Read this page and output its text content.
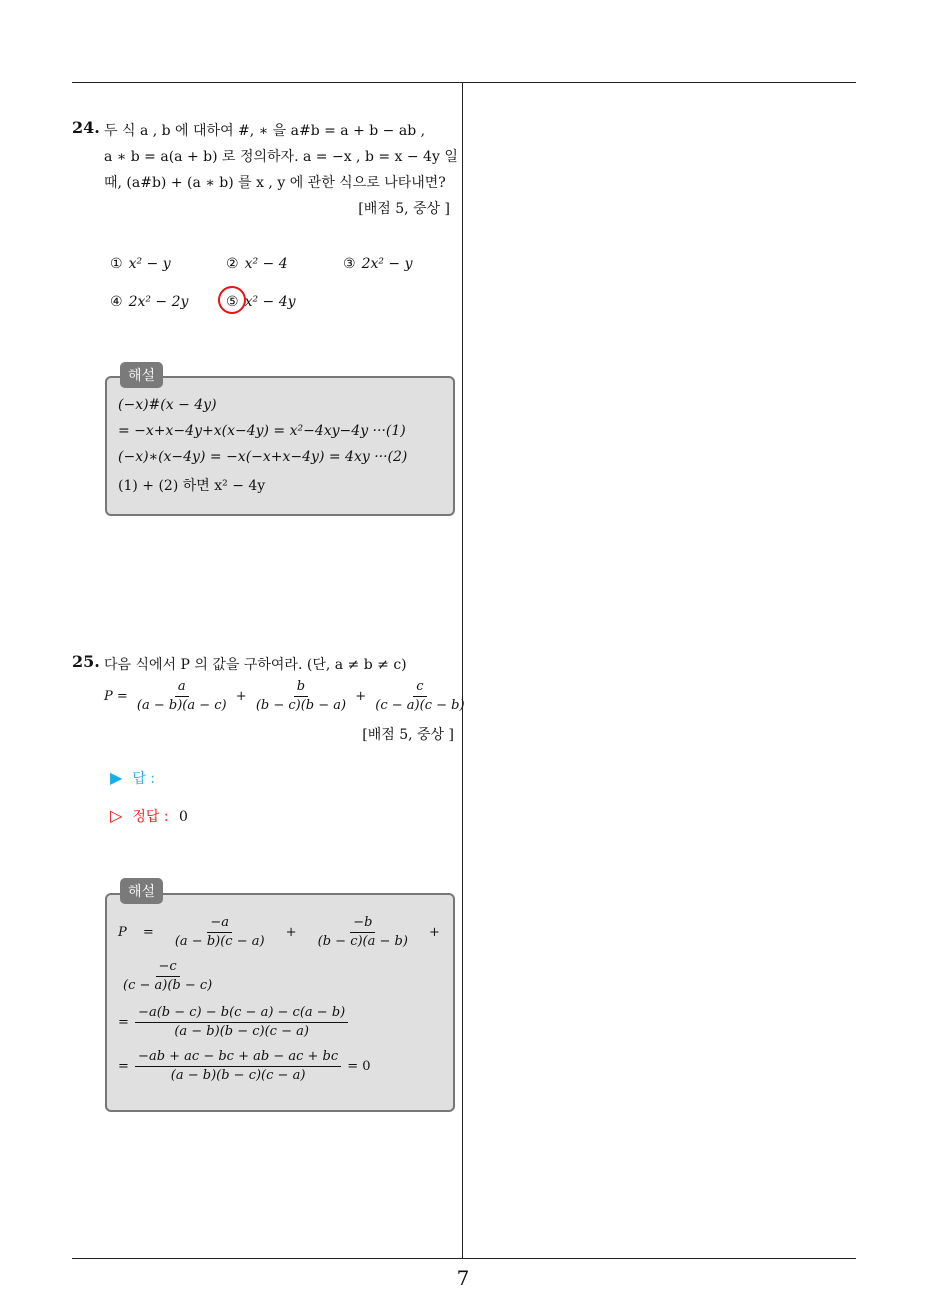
7
24. 두 식 a , b 에 대하여 #, ∗ 을 a#b = a + b − ab ,
a ∗ b = a(a + b) 로 정의하자. a = −x , b = x − 4y 일
때, (a#b) + (a ∗ b) 를 x , y 에 관한 식으로 나타내면?
[배점 5, 중상 ]
① x² − y	② x² − 4	③ 2x² − y
④ 2x² − 2y	⑤ x² − 4y
해설
(−x)#(x − 4y)
= −x+x−4y+x(x−4y) = x²−4xy−4y ···(1)
(−x)∗(x−4y) = −x(−x+x−4y) = 4xy ···(2)
(1) + (2) 하면 x² − 4y
25. 다음 식에서 P 의 값을 구하여라. (단, a ≠ b ≠ c)
$P = \frac{a}{(a - b)(a - c)} + \frac{b}{(b - c)(b - a)} + \frac{c}{(c - a)(c - b)}$
[배점 5, 중상 ]
▶ 답 :
▷ 정답 : 0
해설
$P = \frac{-a}{(a - b)(c - a)} + \frac{-b}{(b - c)(a - b)}$ +
$\frac{-c}{(c - a)(b - c)}$
= $\frac{-a(b - c) - b(c - a) - c(a - b)}{(a - b)(b - c)(c - a)}$
= $\frac{-ab + ac - bc + ab - ac + bc}{(a - b)(b - c)(c - a)} = 0$
